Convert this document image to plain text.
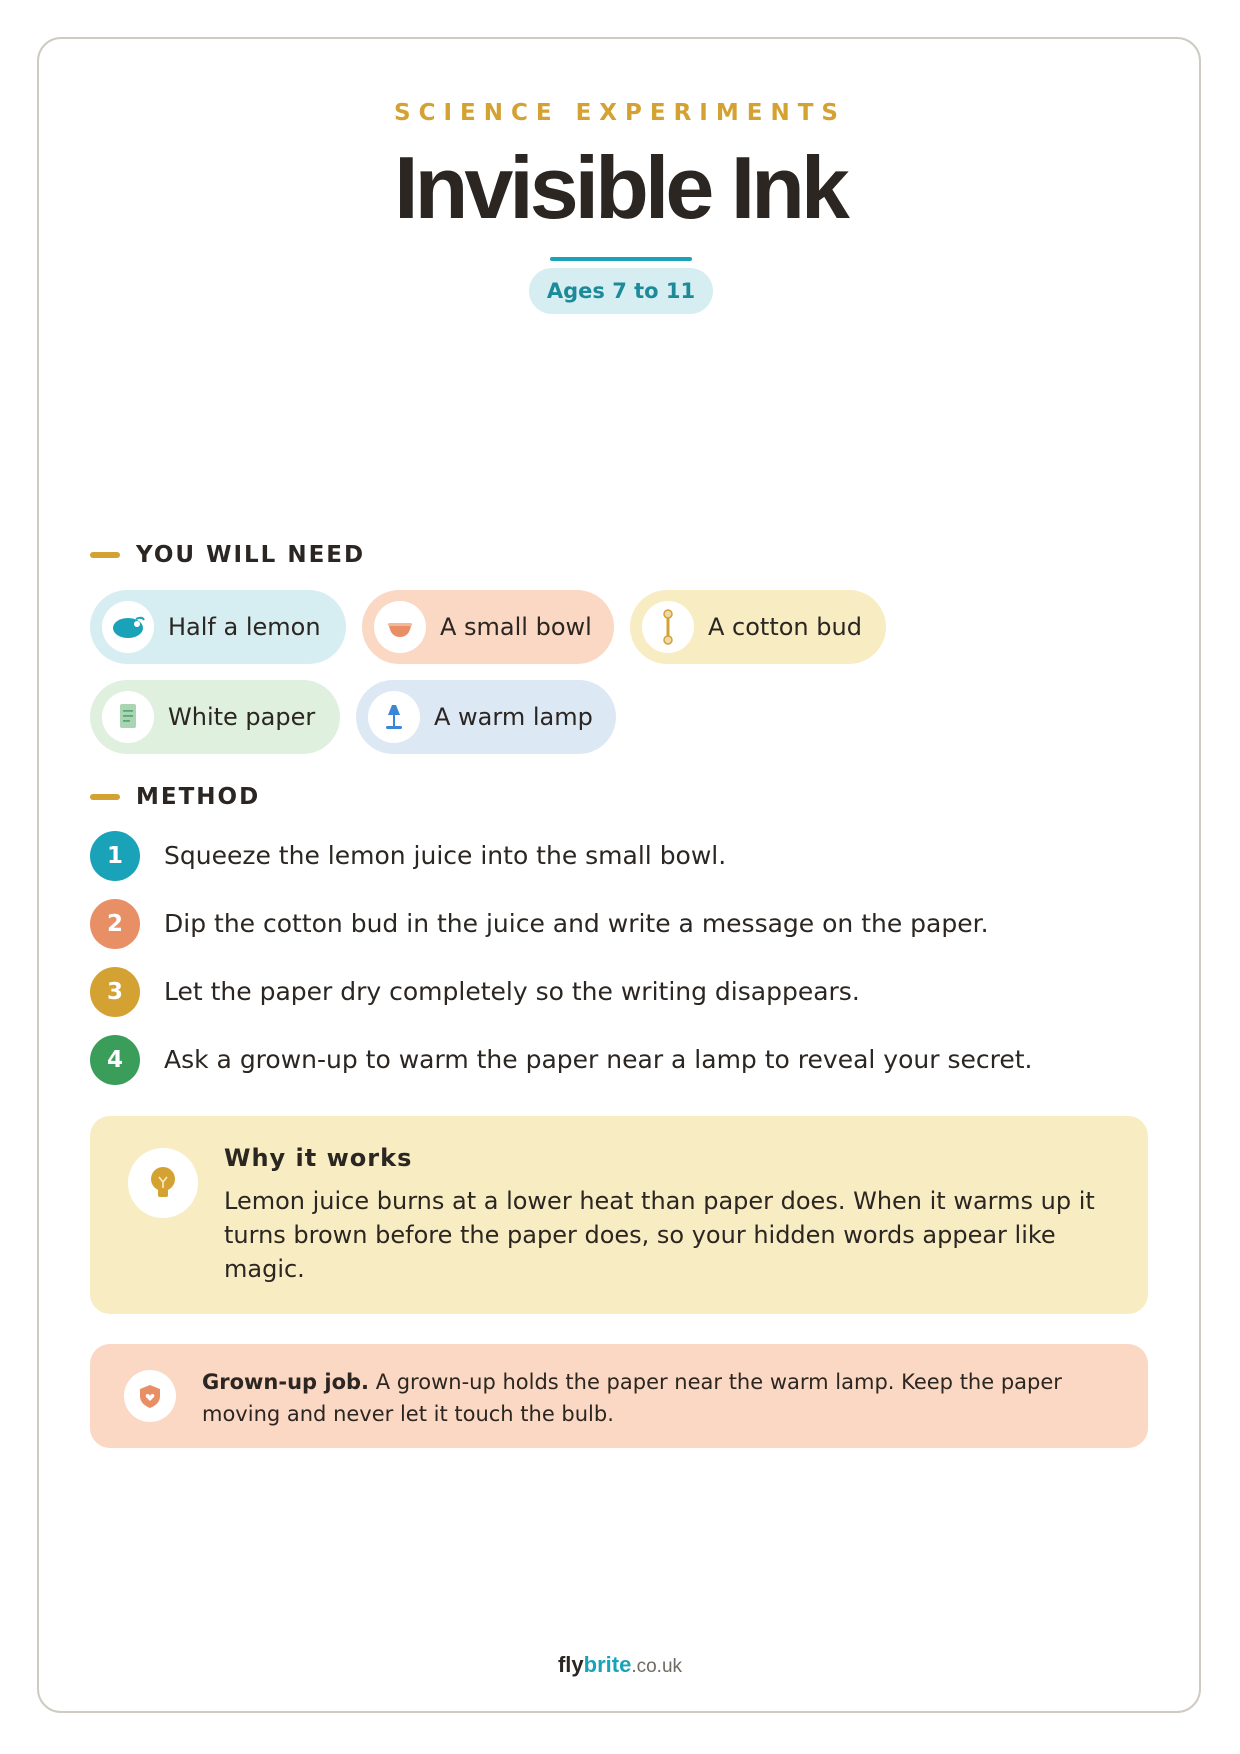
SCIENCE EXPERIMENTS
Invisible Ink
Ages 7 to 11
YOU WILL NEED
Half a lemon	A small bowl	A cotton bud
White paper	A warm lamp
METHOD
1	Squeeze the lemon juice into the small bowl.
2	Dip the cotton bud in the juice and write a message on the paper.
3	Let the paper dry completely so the writing disappears.
4	Ask a grown-up to warm the paper near a lamp to reveal your secret.
Why it works
Lemon juice burns at a lower heat than paper does. When it warms up it turns brown before the paper does, so your hidden words appear like magic.
Grown-up job. A grown-up holds the paper near the warm lamp. Keep the paper moving and never let it touch the bulb.
flybrite.co.uk
